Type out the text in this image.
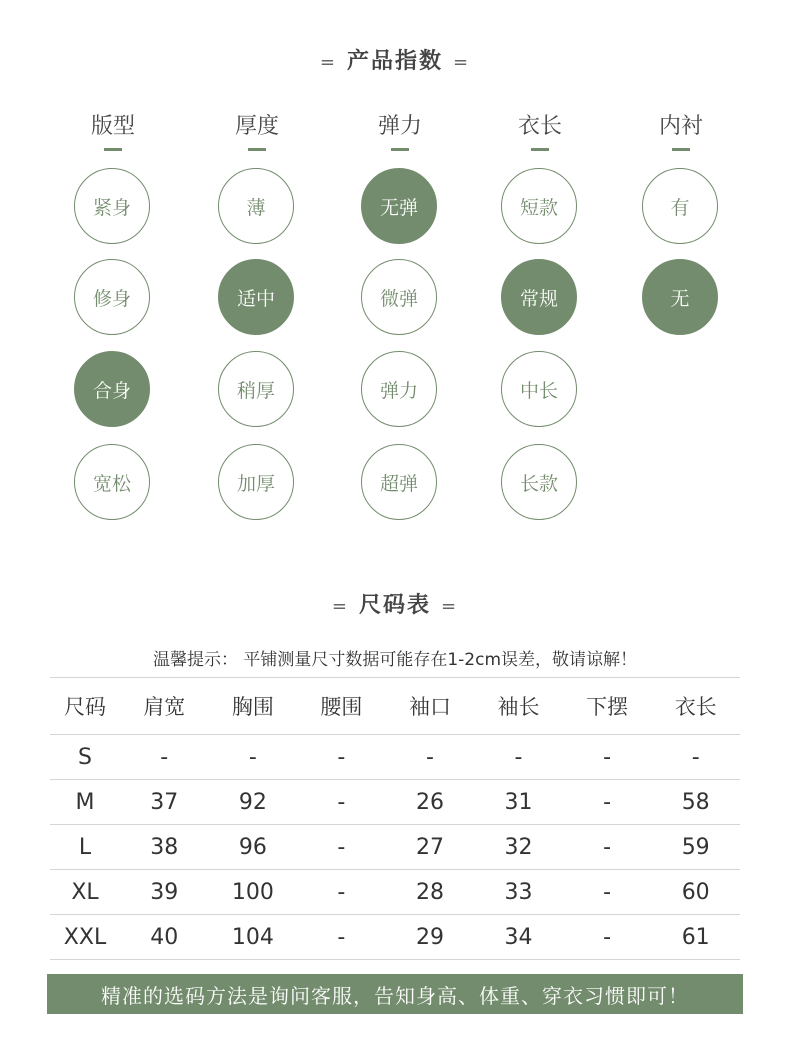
= 产品指数 =
版型
紧身
修身
合身
宽松
厚度
薄
适中
稍厚
加厚
弹力
无弹
微弹
弹力
超弹
衣长
短款
常规
中长
长款
内衬
有
无
= 尺码表 =
温馨提示： 平铺测量尺寸数据可能存在1-2cm误差，敬请谅解！
尺码	肩宽	胸围	腰围	袖口	袖长	下摆	衣长
S	-	-	-	-	-	-	-
M	37	92	-	26	31	-	58
L	38	96	-	27	32	-	59
XL	39	100	-	28	33	-	60
XXL	40	104	-	29	34	-	61
精准的选码方法是询问客服，告知身高、体重、穿衣习惯即可！
